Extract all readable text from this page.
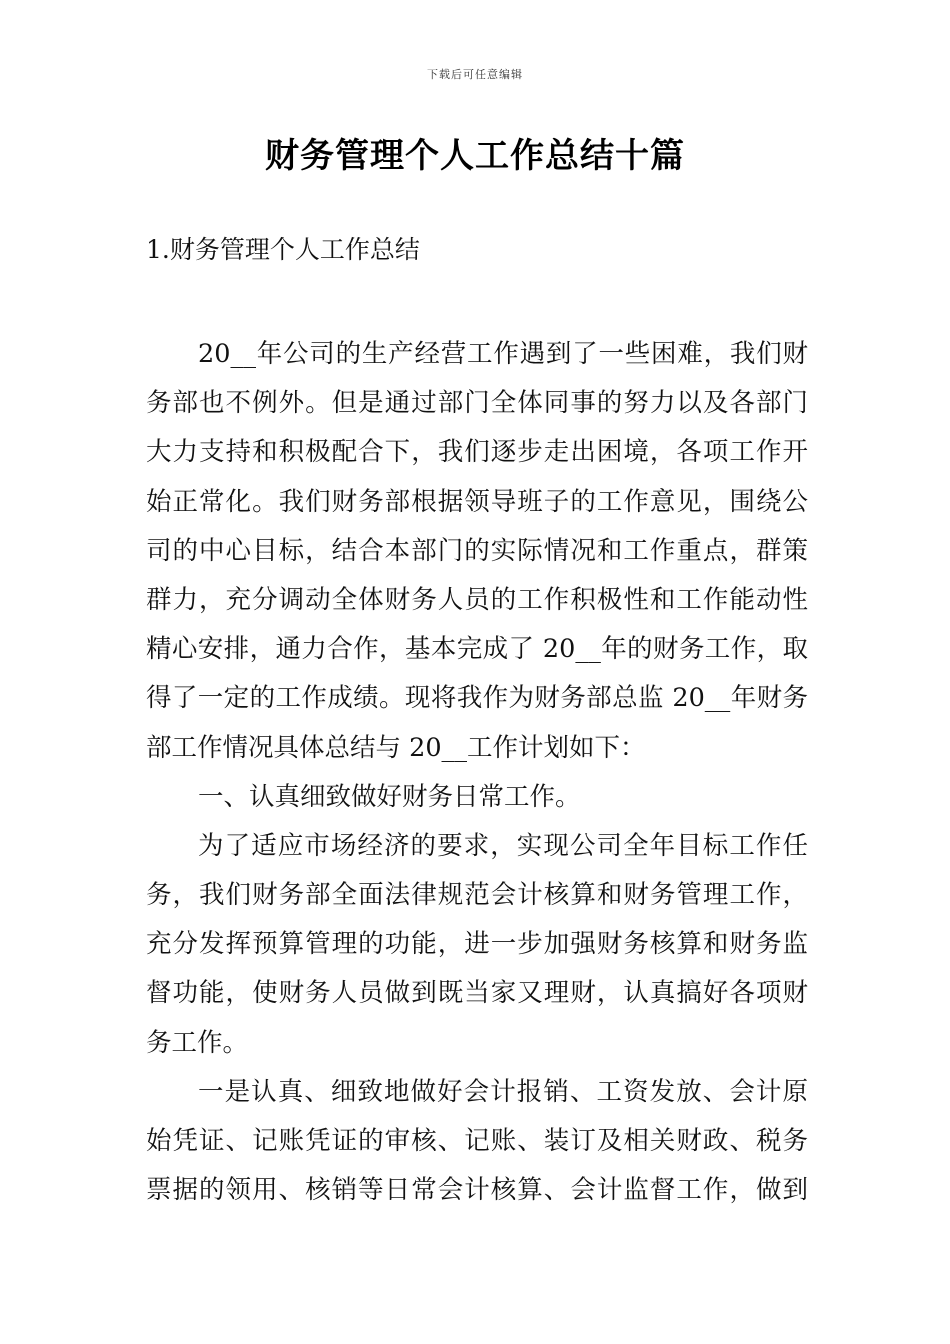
下载后可任意编辑
财务管理个人工作总结十篇
1.财务管理个人工作总结
20__年公司的生产经营工作遇到了一些困难，我们财
务部也不例外。但是通过部门全体同事的努力以及各部门
大力支持和积极配合下，我们逐步走出困境，各项工作开
始正常化。我们财务部根据领导班子的工作意见，围绕公
司的中心目标，结合本部门的实际情况和工作重点，群策
群力，充分调动全体财务人员的工作积极性和工作能动性
精心安排，通力合作，基本完成了 20__年的财务工作，取
得了一定的工作成绩。现将我作为财务部总监 20__年财务
部工作情况具体总结与 20__工作计划如下：
一、认真细致做好财务日常工作。
为了适应市场经济的要求，实现公司全年目标工作任
务，我们财务部全面法律规范会计核算和财务管理工作，
充分发挥预算管理的功能，进一步加强财务核算和财务监
督功能，使财务人员做到既当家又理财，认真搞好各项财
务工作。
一是认真、细致地做好会计报销、工资发放、会计原
始凭证、记账凭证的审核、记账、装订及相关财政、税务
票据的领用、核销等日常会计核算、会计监督工作，做到
